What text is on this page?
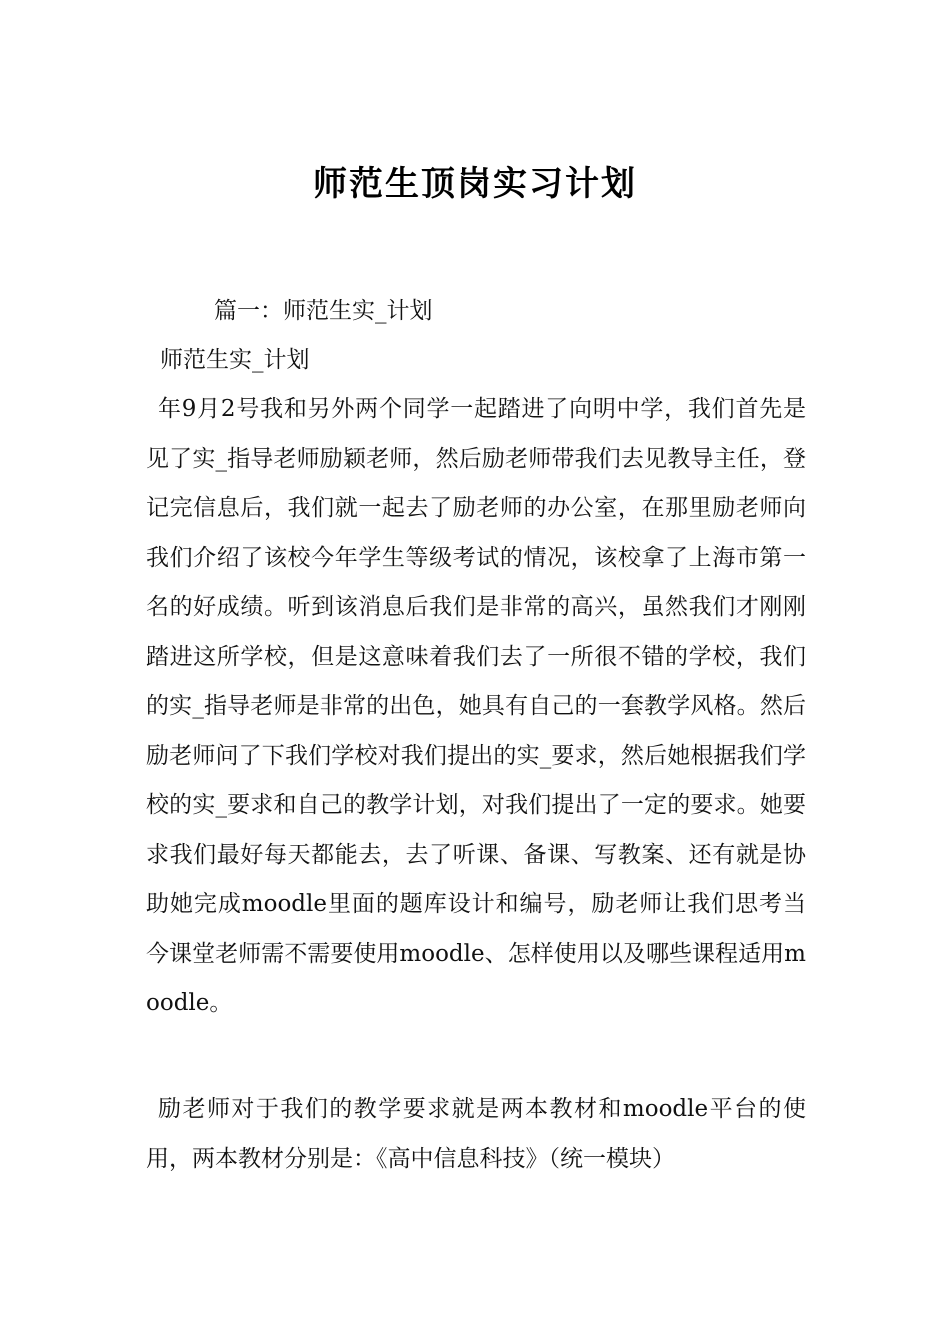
师范生顶岗实习计划
篇一：师范生实_计划
师范生实_计划
年9月2号我和另外两个同学一起踏进了向明中学，我们首先是见了实_指导老师励颖老师，然后励老师带我们去见教导主任，登记完信息后，我们就一起去了励老师的办公室，在那里励老师向我们介绍了该校今年学生等级考试的情况，该校拿了上海市第一名的好成绩。听到该消息后我们是非常的高兴，虽然我们才刚刚踏进这所学校，但是这意味着我们去了一所很不错的学校，我们的实_指导老师是非常的出色，她具有自己的一套教学风格。然后励老师问了下我们学校对我们提出的实_要求，然后她根据我们学校的实_要求和自己的教学计划，对我们提出了一定的要求。她要求我们最好每天都能去，去了听课、备课、写教案、还有就是协助她完成moodle里面的题库设计和编号，励老师让我们思考当今课堂老师需不需要使用moodle、怎样使用以及哪些课程适用moodle。
励老师对于我们的教学要求就是两本教材和moodle平台的使用，两本教材分别是：《高中信息科技》（统一模块）
